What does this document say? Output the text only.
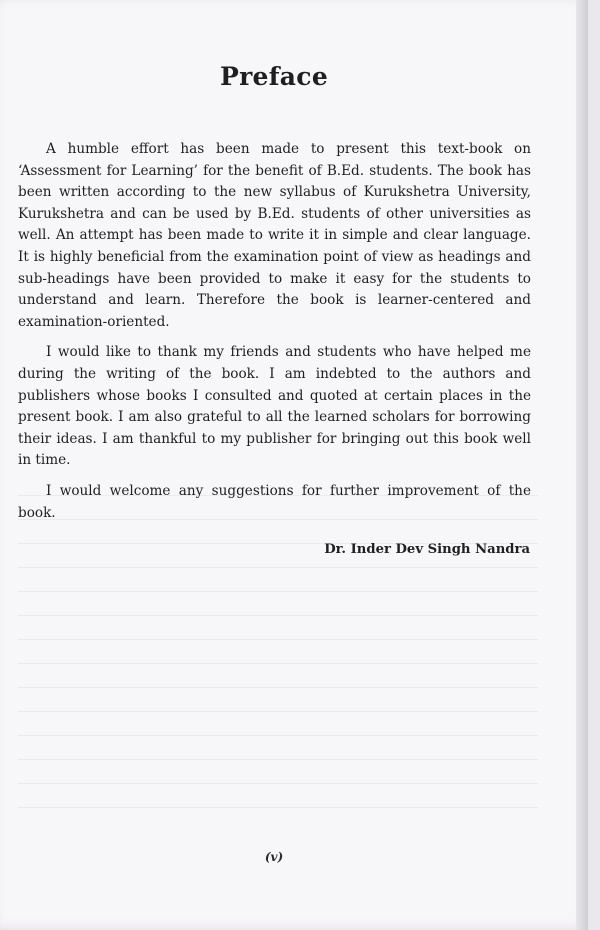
Preface

A humble effort has been made to present this text-book on ‘Assessment for Learning’ for the benefit of B.Ed. students. The book has been written according to the new syllabus of Kurukshetra University, Kurukshetra and can be used by B.Ed. students of other universities as well. An attempt has been made to write it in simple and clear language. It is highly beneficial from the examination point of view as headings and sub-headings have been provided to make it easy for the students to understand and learn. Therefore the book is learner-centered and examination-oriented.

I would like to thank my friends and students who have helped me during the writing of the book. I am indebted to the authors and publishers whose books I consulted and quoted at certain places in the present book. I am also grateful to all the learned scholars for borrowing their ideas. I am thankful to my publisher for bringing out this book well in time.

I would welcome any suggestions for further improvement of the book.

Dr. Inder Dev Singh Nandra
(v)
